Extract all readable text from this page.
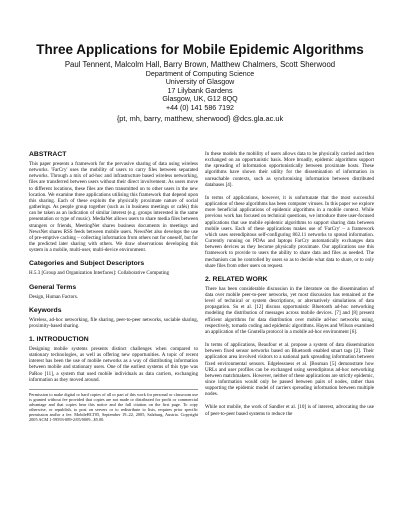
Three Applications for Mobile Epidemic Algorithms
Paul Tennent, Malcolm Hall, Barry Brown, Matthew Chalmers, Scott Sherwood
Department of Computing Science
University of Glasgow
17 Lilybank Gardens
Glasgow, UK, G12 8QQ
+44 (0) 141 586 7192
{pt, mh, barry, matthew, sherwood} @dcs.gla.ac.uk
ABSTRACT

This paper presents a framework for the pervasive sharing of data using wireless networks. 'FarCry' uses the mobility of users to carry files between separated networks. Through a mix of ad-hoc and infrastructure based wireless networking, files are transferred between users without their direct involvement. As users move to different locations, these files are then transmitted on to other users in the new location. We examine three applications utilising this framework that depend upon this sharing. Each of these exploits the physically proximate nature of social gatherings. As people group together (such as in business meetings or cafés) this can be taken as an indication of similar interest (e.g. groups interested in the same presentation or type of music). MediaNet allows users to share media files between strangers or friends, MeetingNet shares business documents in meetings and NewsNet shares RSS feeds between mobile users. NewsNet also develops the use of pre-emptive caching – collecting information from others not for oneself, but for the predicted later sharing with others. We draw observations developing this system in a mobile, multi-user, multi-device environment.

Categories and Subject Descriptors

H.5.3 [Group and Organization Interfaces]: Collaborative Computing

General Terms

Design, Human Factors.

Keywords

Wireless, ad-hoc networking, file sharing, peer-to-peer networks, sociable sharing, proximity-based sharing.

1. INTRODUCTION

Designing mobile systems presents distinct challenges when compared to stationary technologies, as well as offering new opportunities. A topic of recent interest has been the use of mobile networks as a way of distributing information between mobile and stationary users. One of the earliest systems of this type was PaRoo [11], a system that used mobile individuals as data carriers, exchanging information as they moved around.

Permission to make digital or hard copies of all or part of this work for personal or classroom use is granted without fee provided that copies are not made or distributed for profit or commercial advantage and that copies bear this notice and the full citation on the first page. To copy otherwise, or republish, to post on servers or to redistribute to lists, requires prior specific permission and/or a fee. MobileHCI'05, September 19–22, 2005, Salzburg, Austria. Copyright 2005 ACM 1-59593-089-2/05/0009...$5.00.

In these models the mobility of users allows data to be physically carried and then exchanged on an opportunistic basis. More broadly, epidemic algorithms support the spreading of information opportunistically between proximate hosts. These algorithms have shown their utility for the dissemination of information in unreachable contexts, such as synchronising information between distributed databases [4].

In terms of applications, however, it is unfortunate that the most successful application of these algorithms has been computer viruses. In this paper we explore more beneficial applications of epidemic algorithms in a mobile context. While previous work has focused on technical questions, we introduce three user-focused applications that use mobile epidemic algorithms to support sharing data between mobile users. Each of these applications makes use of 'FarCry' – a framework which uses serendipitous self-configuring 802.11 networks to spread information. Currently running on PDAs and laptops FarCry automatically exchanges data between devices as they become physically proximate. Our applications use this framework to provide to users the ability to share data and files as needed. The mechanism can be controlled by users so as to decide what data to share, or to only share files from other users on request.

2. RELATED WORK

There has been considerable discussion in the literature on the dissemination of data over mobile peer-to-peer networks, yet most discussion has remained at the level of technical or system descriptions, or alternatively simulations of data propagation. Su et al. [12] discuss opportunistic Bluetooth ad-hoc networking modeling the distribution of messages across mobile devices. [7] and [8] present efficient algorithms for data distribution over mobile ad-hoc networks using, respectively, tornado coding and epidemic algorithms. Hayes and Wilson examined an application of the Gnutella protocol in a mobile ad-hoc environment [6].

In terms of applications, Beaufour et al. propose a system of data dissemination between fixed sensor networks based on Bluetooth enabled smart tags [2]. Their application area involved visitors to a national park spreading information between fixed environmental sensors. Edgelessness et al. [Bosman [5] demonstrate how URLs and user profiles can be exchanged using serendipitous ad-hoc networking between matchmakers. However, neither of these applications are strictly epidemic, since information would only be passed between pairs of nodes, rather than supporting the epidemic model of carriers spreading information between multiple nodes.

While not mobile, the work of Sandler et al. [10] is of interest, advocating the use of peer-to-peer based systems to reduce the
